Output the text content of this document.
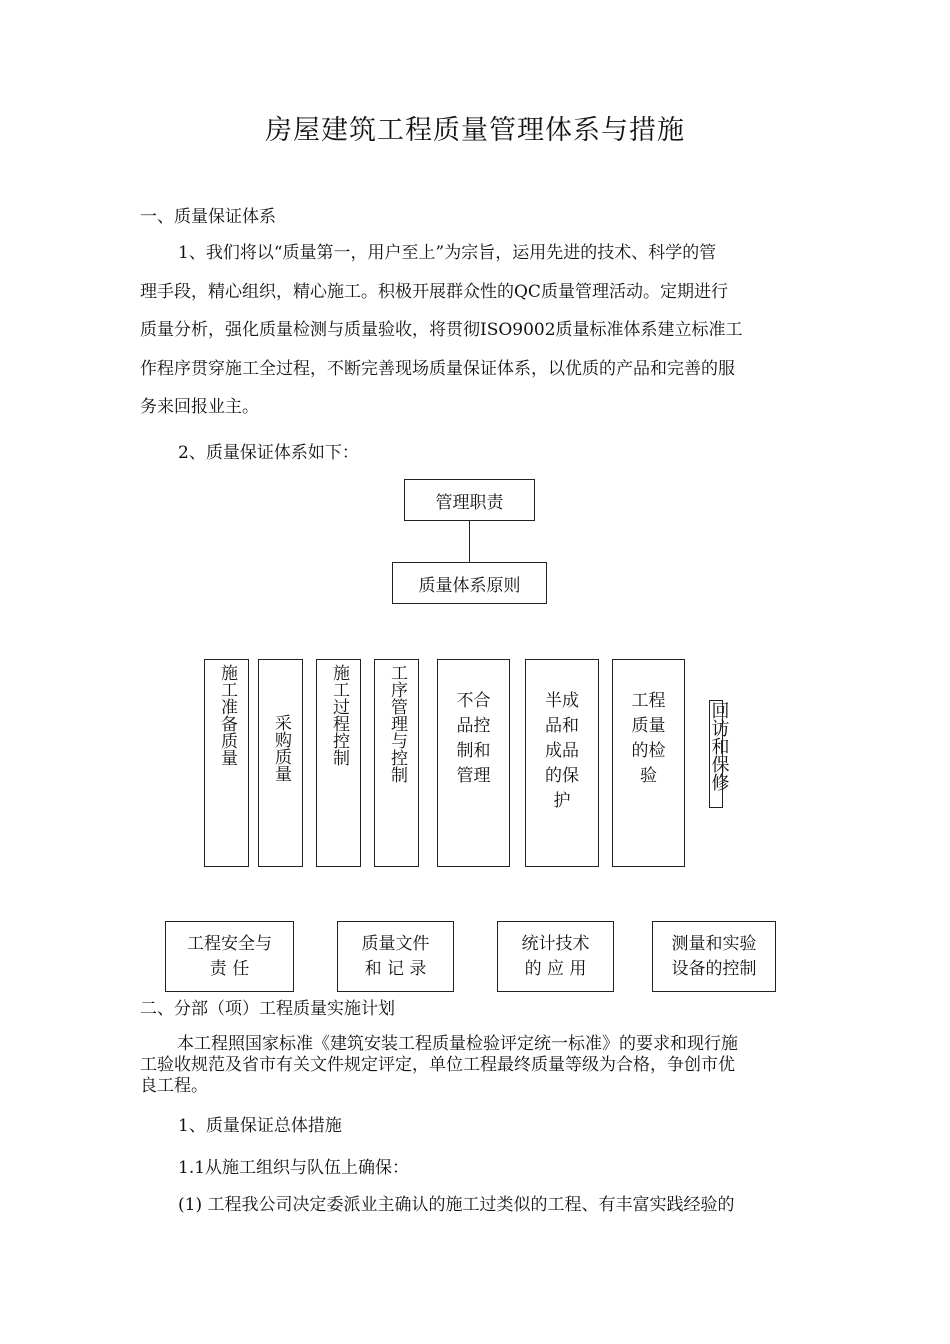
房屋建筑工程质量管理体系与措施
一、质量保证体系
1、我们将以“质量第一，用户至上”为宗旨，运用先进的技术、科学的管
理手段，精心组织，精心施工。积极开展群众性的QC质量管理活动。定期进行
质量分析，强化质量检测与质量验收，将贯彻ISO9002质量标准体系建立标准工
作程序贯穿施工全过程，不断完善现场质量保证体系，以优质的产品和完善的服
务来回报业主。
2、质量保证体系如下：
管理职责
质量体系原则
施工准备质量 采购质量 施工过程控制 工序管理与控制	不合
品控
制和
管理
半成
品和
成品
的保
护
工程
质量
的检
验	回访和保修
工程安全与
责 任
质量文件
和 记 录
统计技术
的 应 用
测量和实验
设备的控制
二、分部（项）工程质量实施计划
本工程照国家标准《建筑安装工程质量检验评定统一标准》的要求和现行施
工验收规范及省市有关文件规定评定，单位工程最终质量等级为合格，争创市优
良工程。
1、质量保证总体措施
1.1从施工组织与队伍上确保：
(1) 工程我公司决定委派业主确认的施工过类似的工程、有丰富实践经验的
